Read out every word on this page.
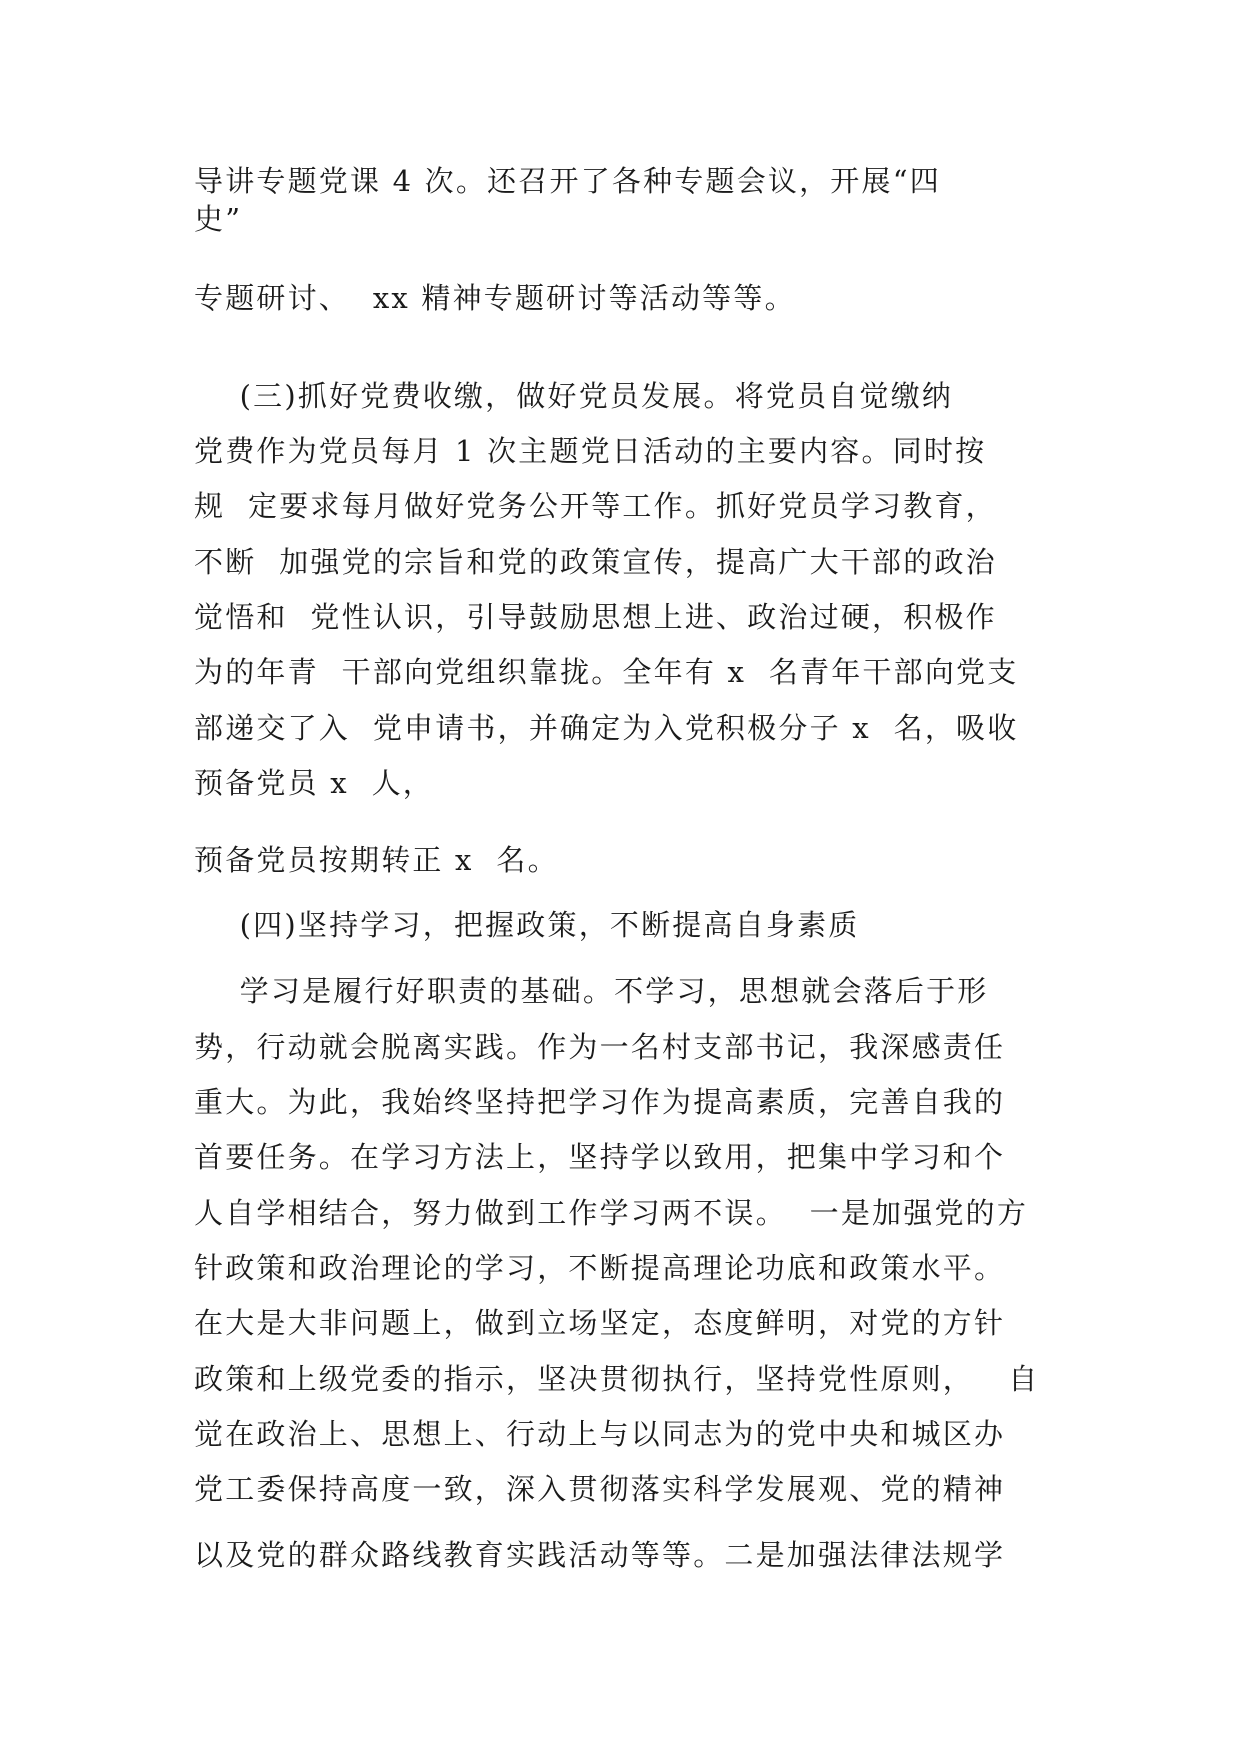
导讲专题党课 4 次。还召开了各种专题会议，开展“四
史”
专题研讨、  xx 精神专题研讨等活动等等。
(三)抓好党费收缴，做好党员发展。将党员自觉缴纳
党费作为党员每月 1 次主题党日活动的主要内容。同时按
规  定要求每月做好党务公开等工作。抓好党员学习教育，
不断  加强党的宗旨和党的政策宣传，提高广大干部的政治
觉悟和  党性认识，引导鼓励思想上进、政治过硬，积极作
为的年青  干部向党组织靠拢。全年有 x  名青年干部向党支
部递交了入  党申请书，并确定为入党积极分子 x  名，吸收
预备党员 x  人，
预备党员按期转正 x  名。
(四)坚持学习，把握政策，不断提高自身素质
学习是履行好职责的基础。不学习，思想就会落后于形
势，行动就会脱离实践。作为一名村支部书记，我深感责任
重大。为此，我始终坚持把学习作为提高素质，完善自我的
首要任务。在学习方法上，坚持学以致用，把集中学习和个
人自学相结合，努力做到工作学习两不误。  一是加强党的方
针政策和政治理论的学习，不断提高理论功底和政策水平。
在大是大非问题上，做到立场坚定，态度鲜明，对党的方针
政策和上级党委的指示，坚决贯彻执行，坚持党性原则，   自
觉在政治上、思想上、行动上与以同志为的党中央和城区办
党工委保持高度一致，深入贯彻落实科学发展观、党的精神
以及党的群众路线教育实践活动等等。二是加强法律法规学
